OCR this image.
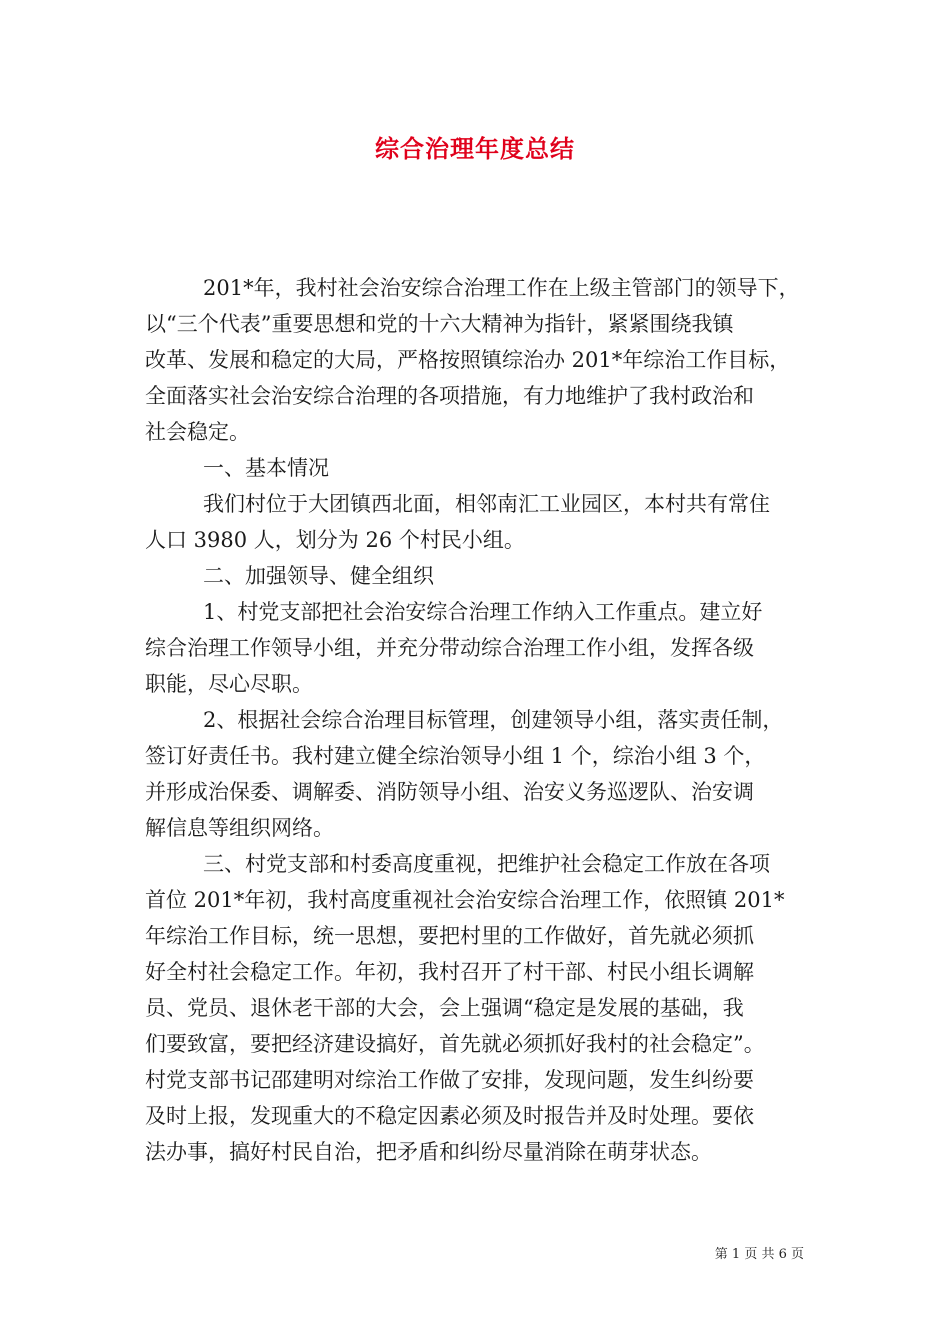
综合治理年度总结
201*年，我村社会治安综合治理工作在上级主管部门的领导下，
以“三个代表”重要思想和党的十六大精神为指针，紧紧围绕我镇
改革、发展和稳定的大局，严格按照镇综治办 201*年综治工作目标，
全面落实社会治安综合治理的各项措施，有力地维护了我村政治和
社会稳定。
一、基本情况
我们村位于大团镇西北面，相邻南汇工业园区，本村共有常住
人口 3980 人，划分为 26 个村民小组。
二、加强领导、健全组织
1、村党支部把社会治安综合治理工作纳入工作重点。建立好
综合治理工作领导小组，并充分带动综合治理工作小组，发挥各级
职能，尽心尽职。
2、根据社会综合治理目标管理，创建领导小组，落实责任制，
签订好责任书。我村建立健全综治领导小组 1 个，综治小组 3 个，
并形成治保委、调解委、消防领导小组、治安义务巡逻队、治安调
解信息等组织网络。
三、村党支部和村委高度重视，把维护社会稳定工作放在各项
首位 201*年初，我村高度重视社会治安综合治理工作，依照镇 201*
年综治工作目标，统一思想，要把村里的工作做好，首先就必须抓
好全村社会稳定工作。年初，我村召开了村干部、村民小组长调解
员、党员、退休老干部的大会，会上强调“稳定是发展的基础，我
们要致富，要把经济建设搞好，首先就必须抓好我村的社会稳定”。
村党支部书记邵建明对综治工作做了安排，发现问题，发生纠纷要
及时上报，发现重大的不稳定因素必须及时报告并及时处理。要依
法办事，搞好村民自治，把矛盾和纠纷尽量消除在萌芽状态。
第 1 页 共 6 页
